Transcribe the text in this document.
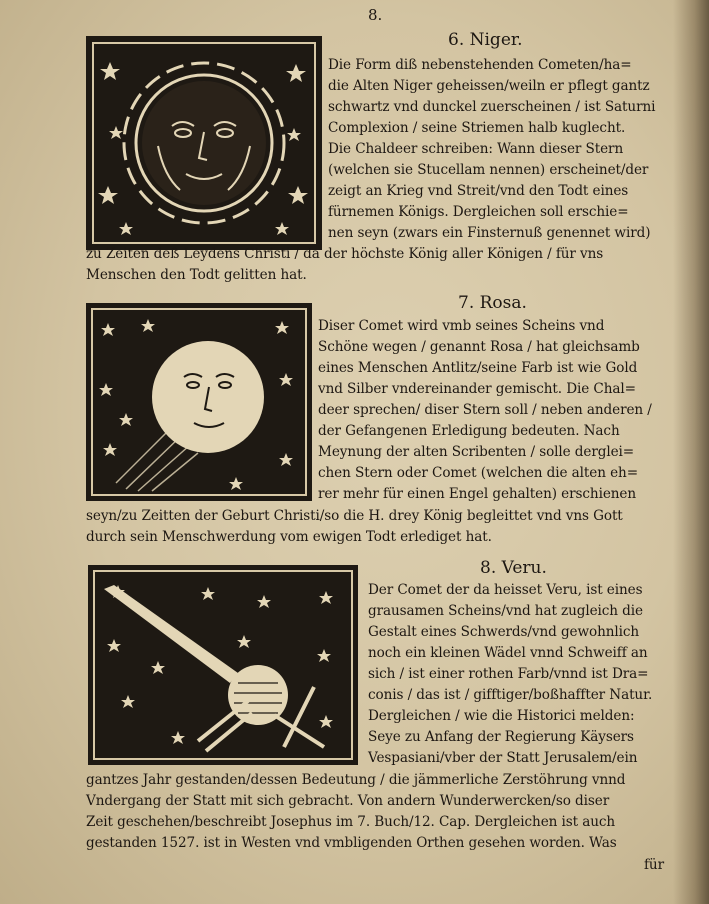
8.
6. Niger.

Die Form diß nebenstehenden Cometen/ha=

die Alten Niger geheissen/weiln er pflegt gantz

schwartz vnd dunckel zuerscheinen / ist Saturni

Complexion / seine Striemen halb kuglecht.

Die Chaldeer schreiben: Wann dieser Stern

(welchen sie Stucellam nennen) erscheinet/der

zeigt an Krieg vnd Streit/vnd den Todt eines

fürnemen Königs. Dergleichen soll erschie=

nen seyn (zwars ein Finsternuß genennet wird)

zu Zeiten deß Leydens Christi / da der höchste König aller Königen / für vns

Menschen den Todt gelitten hat.

7. Rosa.

Diser Comet wird vmb seines Scheins vnd

Schöne wegen / genannt Rosa / hat gleichsamb

eines Menschen Antlitz/seine Farb ist wie Gold

vnd Silber vndereinander gemischt. Die Chal=

deer sprechen/ diser Stern soll / neben anderen /

der Gefangenen Erledigung bedeuten. Nach

Meynung der alten Scribenten / solle derglei=

chen Stern oder Comet (welchen die alten eh=

rer mehr für einen Engel gehalten) erschienen

seyn/zu Zeitten der Geburt Christi/so die H. drey König begleittet vnd vns Gott

durch sein Menschwerdung vom ewigen Todt erlediget hat.

8. Veru.

Der Comet der da heisset Veru, ist eines

grausamen Scheins/vnd hat zugleich die

Gestalt eines Schwerds/vnd gewohnlich

noch ein kleinen Wädel vnnd Schweiff an

sich / ist einer rothen Farb/vnnd ist Dra=

conis / das ist / gifftiger/boßhaffter Natur.

Dergleichen / wie die Historici melden:

Seye zu Anfang der Regierung Käysers

Vespasiani/vber der Statt Jerusalem/ein

gantzes Jahr gestanden/dessen Bedeutung / die jämmerliche Zerstöhrung vnnd

Vndergang der Statt mit sich gebracht. Von andern Wunderwercken/so diser

Zeit geschehen/beschreibt Josephus im 7. Buch/12. Cap. Dergleichen ist auch

gestanden 1527. ist in Westen vnd vmbligenden Orthen gesehen worden. Was

für
